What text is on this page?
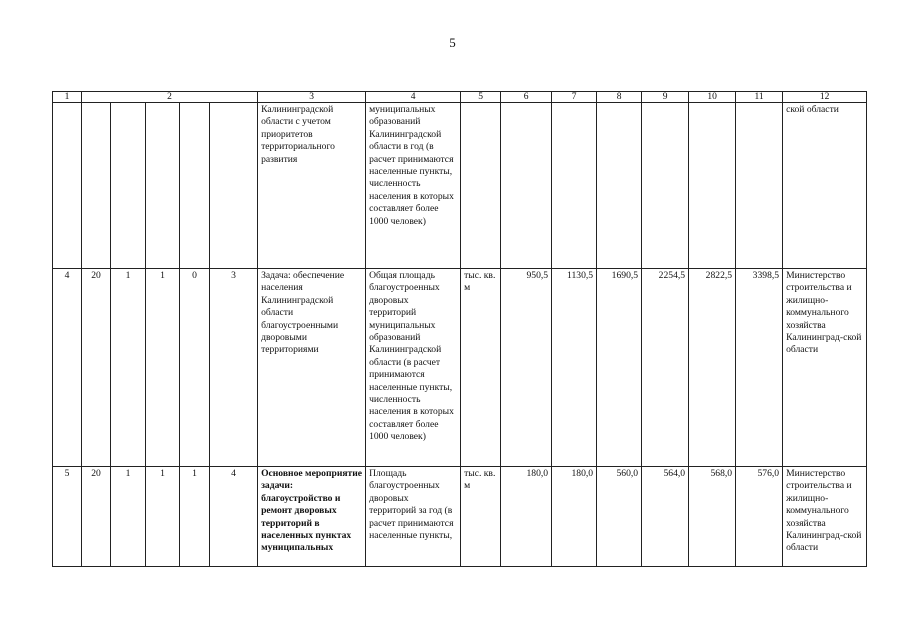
5
1	2					3	4	5	6	7	8	9	10	11	12
						Калининградской области с учетом приоритетов территориального развития	муниципальных образований Калининградской области в год (в расчет принимаются населенные пункты, численность населения в которых составляет более 1000 человек)								ской области
4	20	1	1	0	3	Задача: обеспечение населения Калининградской области благоустроенными дворовыми территориями	Общая площадь благоустроенных дворовых территорий муниципальных образований Калининградской области (в расчет принимаются населенные пункты, численность населения в которых составляет более 1000 человек)	тыс. кв. м	950,5	1130,5	1690,5	2254,5	2822,5	3398,5	Министерство строительства и жилищно-коммунального хозяйства Калининград-ской области
5	20	1	1	1	4	Основное мероприятие задачи: благоустройство и ремонт дворовых территорий в населенных пунктах муниципальных	Площадь благоустроенных дворовых территорий за год (в расчет принимаются населенные пункты,	тыс. кв. м	180,0	180,0	560,0	564,0	568,0	576,0	Министерство строительства и жилищно-коммунального хозяйства Калининград-ской области
